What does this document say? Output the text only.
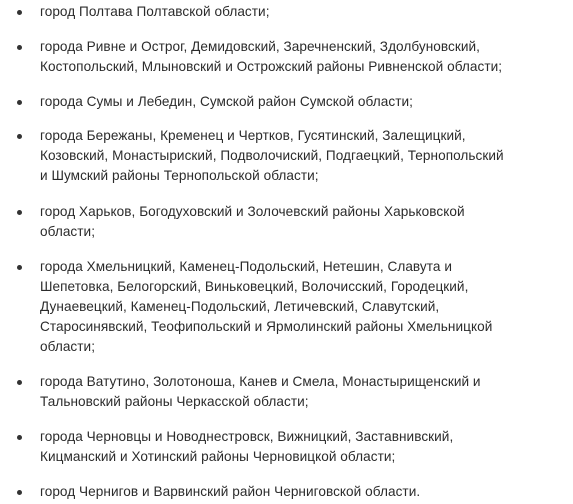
город Полтава Полтавской области;
города Ривне и Острог, Демидовский, Заречненский, Здолбуновский,
Костопольский, Млыновский и Острожский районы Ривненской области;
города Сумы и Лебедин, Сумской район Сумской области;
города Бережаны, Кременец и Чертков, Гусятинский, Залещицкий,
Козовский, Монастыриский, Подволочиский, Подгаецкий, Тернопольский
и Шумский районы Тернопольской области;
город Харьков, Богодуховский и Золочевский районы Харьковской
области;
города Хмельницкий, Каменец-Подольский, Нетешин, Славута и
Шепетовка, Белогорский, Виньковецкий, Волочисский, Городецкий,
Дунаевецкий, Каменец-Подольский, Летичевский, Славутский,
Старосинявский, Теофипольский и Ярмолинский районы Хмельницкой
области;
города Ватутино, Золотоноша, Канев и Смела, Монастырищенский и
Тальновский районы Черкасской области;
города Черновцы и Новоднестровск, Вижницкий, Заставнивский,
Кицманский и Хотинский районы Черновицкой области;
город Чернигов и Варвинский район Черниговской области.
